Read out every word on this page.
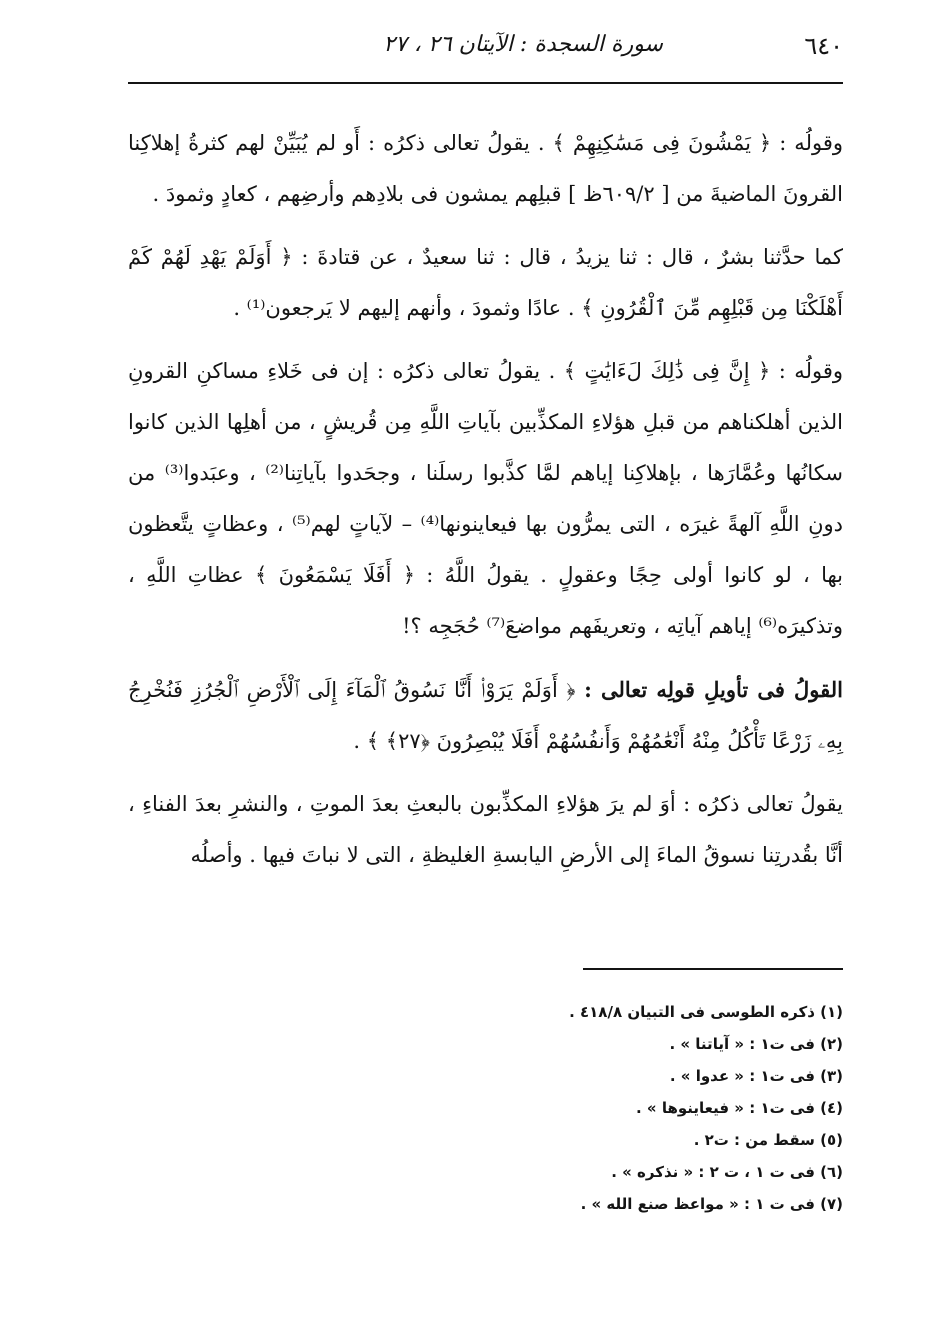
٦٤٠
سورة السجدة : الآيتان ٢٦ ، ٢٧

وقولُه : ﴿ يَمْشُونَ فِى مَسَٰكِنِهِمْ ﴾ . يقولُ تعالى ذكرُه : أَو لم يُبَيِّنْ لهم كثرةُ إهلاكِنا القرونَ الماضيةَ من [ ٦٠٩/٢ظ ] قبلِهم يمشون فى بلادِهم وأرضِهم ، كعادٍ وثمودَ .

كما حدَّثنا بشرٌ ، قال : ثنا يزيدُ ، قال : ثنا سعيدٌ ، عن قتادةَ : ﴿ أَوَلَمْ يَهْدِ لَهُمْ كَمْ أَهْلَكْنَا مِن قَبْلِهِم مِّنَ ٱلْقُرُونِ ﴾ . عادًا وثمودَ ، وأنهم إليهم لا يَرجعون⁽¹⁾ .

وقولُه : ﴿ إِنَّ فِى ذَٰلِكَ لَءَايَٰتٍ ﴾ . يقولُ تعالى ذكرُه : إن فى خَلاءِ مساكنِ القرونِ الذين أهلكناهم من قبلِ هؤلاءِ المكذِّبين بآياتِ اللَّهِ مِن قُريشٍ ، من أهلِها الذين كانوا سكانُها وعُمَّارَها ، بإهلاكِنا إياهم لمَّا كذَّبوا رسلَنا ، وجحَدوا بآياتِنا⁽²⁾ ، وعبَدوا⁽³⁾ من دونِ اللَّهِ آلهةً غيرَه ، التى يمرُّون بها فيعاينونها⁽⁴⁾ – لآياتٍ لهم⁽⁵⁾ ، وعظاتٍ يتَّعظون بها ، لو كانوا أولى حِجًا وعقولٍ . يقولُ اللَّهُ : ﴿ أَفَلَا يَسْمَعُونَ ﴾ عظاتِ اللَّهِ ، وتذكيرَه⁽⁶⁾ إياهم آياتِه ، وتعريفَهم مواضعَ⁽⁷⁾ حُجَجِه ؟!

القولُ فى تأويلِ قولِه تعالى : ﴿ أَوَلَمْ يَرَوْا۟ أَنَّا نَسُوقُ ٱلْمَآءَ إِلَى ٱلْأَرْضِ ٱلْجُرُزِ فَنُخْرِجُ بِهِۦ زَرْعًا تَأْكُلُ مِنْهُ أَنْعَٰمُهُمْ وَأَنفُسُهُمْ أَفَلَا يُبْصِرُونَ ﴿٢٧﴾ ﴾ .

يقولُ تعالى ذكرُه : أوَ لم يرَ هؤلاءِ المكذِّبون بالبعثِ بعدَ الموتِ ، والنشرِ بعدَ الفناءِ ، أنَّا بقُدرتِنا نسوقُ الماءَ إلى الأرضِ اليابسةِ الغليظةِ ، التى لا نباتَ فيها . وأصلُه

(١) ذكره الطوسى فى التبيان ٤١٨/٨ .

(٢) فى ت١ : « آياتنا » .

(٣) فى ت١ : « عدوا » .

(٤) فى ت١ : « فيعاينوها » .

(٥) سقط من : ت٢ .

(٦) فى ت ١ ، ت ٢ : « نذكره » .

(٧) فى ت ١ : « مواعظ صنع الله » .
